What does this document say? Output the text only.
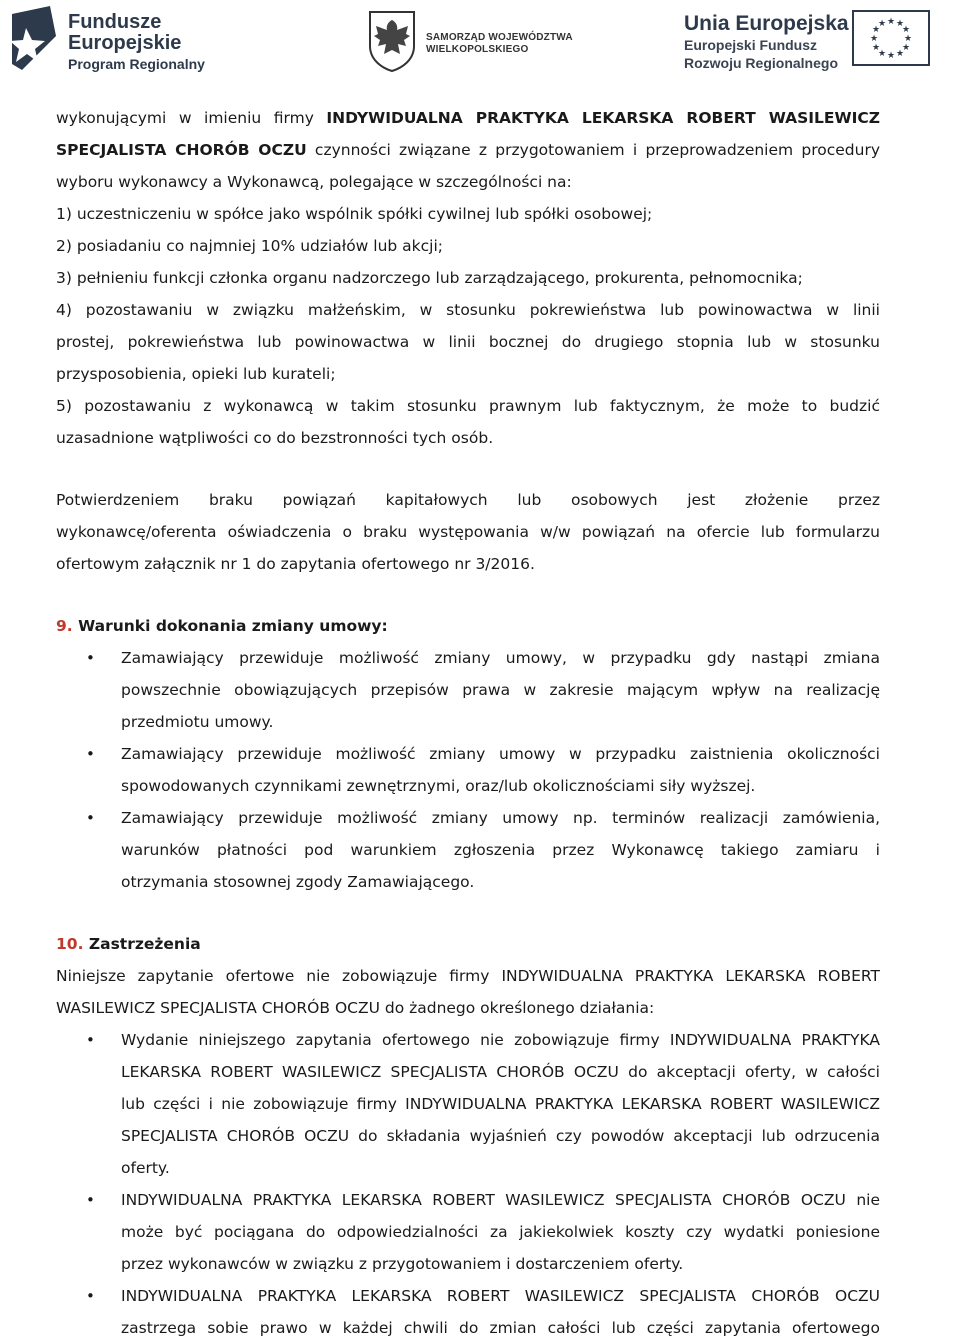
Fundusze
Europejskie
Program Regionalny
SAMORZĄD WOJEWÓDZTWA
WIELKOPOLSKIEGO
Unia Europejska
Europejski Fundusz
Rozwoju Regionalnego
★ ★
★
★
★
★
★
★
★
★
★
★
wykonującymi w imieniu firmy INDYWIDUALNA PRAKTYKA LEKARSKA ROBERT WASILEWICZ
SPECJALISTA CHORÓB OCZU czynności związane z przygotowaniem i przeprowadzeniem procedury
wyboru wykonawcy a Wykonawcą, polegające w szczególności na:
1) uczestniczeniu w spółce jako wspólnik spółki cywilnej lub spółki osobowej;
2) posiadaniu co najmniej 10% udziałów lub akcji;
3) pełnieniu funkcji członka organu nadzorczego lub zarządzającego, prokurenta, pełnomocnika;
4) pozostawaniu w związku małżeńskim, w stosunku pokrewieństwa lub powinowactwa w linii
prostej, pokrewieństwa lub powinowactwa w linii bocznej do drugiego stopnia lub w stosunku
przysposobienia, opieki lub kurateli;
5) pozostawaniu z wykonawcą w takim stosunku prawnym lub faktycznym, że może to budzić
uzasadnione wątpliwości co do bezstronności tych osób.
Potwierdzeniem braku powiązań kapitałowych lub osobowych jest złożenie przez
wykonawcę/oferenta oświadczenia o braku występowania w/w powiązań na ofercie lub formularzu
ofertowym załącznik nr 1 do zapytania ofertowego nr 3/2016.
9. Warunki dokonania zmiany umowy:
•	Zamawiający przewiduje możliwość zmiany umowy, w przypadku gdy nastąpi zmiana
powszechnie obowiązujących przepisów prawa w zakresie mającym wpływ na realizację
przedmiotu umowy.
•	Zamawiający przewiduje możliwość zmiany umowy w przypadku zaistnienia okoliczności
spowodowanych czynnikami zewnętrznymi, oraz/lub okolicznościami siły wyższej.
•	Zamawiający przewiduje możliwość zmiany umowy np. terminów realizacji zamówienia,
warunków płatności pod warunkiem zgłoszenia przez Wykonawcę takiego zamiaru i
otrzymania stosownej zgody Zamawiającego.
10. Zastrzeżenia
Niniejsze zapytanie ofertowe nie zobowiązuje firmy INDYWIDUALNA PRAKTYKA LEKARSKA ROBERT
WASILEWICZ SPECJALISTA CHORÓB OCZU do żadnego określonego działania:
•	Wydanie niniejszego zapytania ofertowego nie zobowiązuje firmy INDYWIDUALNA PRAKTYKA
LEKARSKA ROBERT WASILEWICZ SPECJALISTA CHORÓB OCZU do akceptacji oferty, w całości
lub części i nie zobowiązuje firmy INDYWIDUALNA PRAKTYKA LEKARSKA ROBERT WASILEWICZ
SPECJALISTA CHORÓB OCZU do składania wyjaśnień czy powodów akceptacji lub odrzucenia
oferty.
•	INDYWIDUALNA PRAKTYKA LEKARSKA ROBERT WASILEWICZ SPECJALISTA CHORÓB OCZU nie
może być pociągana do odpowiedzialności za jakiekolwiek koszty czy wydatki poniesione
przez wykonawców w związku z przygotowaniem i dostarczeniem oferty.
•	INDYWIDUALNA PRAKTYKA LEKARSKA ROBERT WASILEWICZ SPECJALISTA CHORÓB OCZU
zastrzega sobie prawo w każdej chwili do zmian całości lub części zapytania ofertowego
